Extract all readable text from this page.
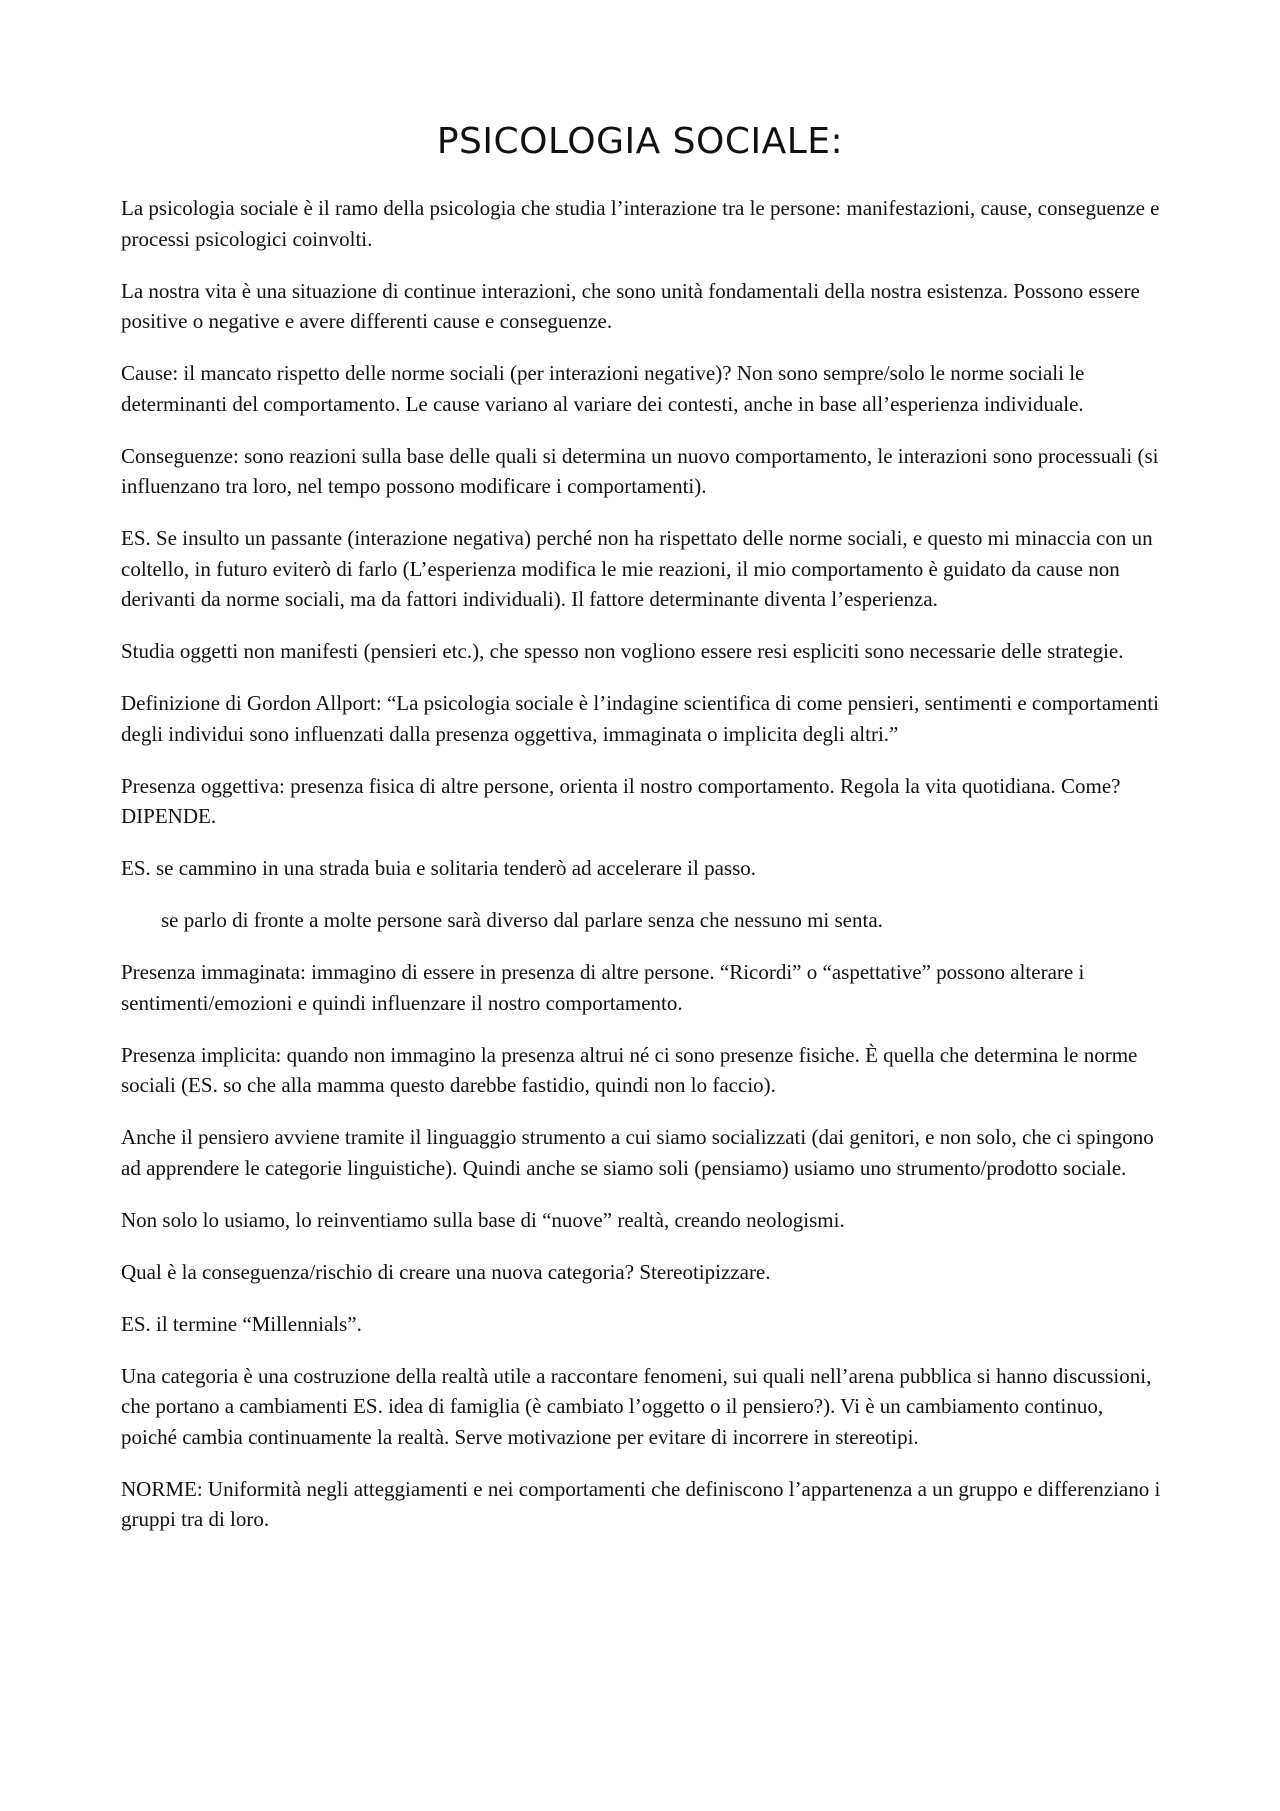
PSICOLOGIA SOCIALE:

La psicologia sociale è il ramo della psicologia che studia l’interazione tra le persone: manifestazioni, cause, conseguenze e processi psicologici coinvolti.

La nostra vita è una situazione di continue interazioni, che sono unità fondamentali della nostra esistenza. Possono essere positive o negative e avere differenti cause e conseguenze.

Cause: il mancato rispetto delle norme sociali (per interazioni negative)? Non sono sempre/solo le norme sociali le determinanti del comportamento. Le cause variano al variare dei contesti, anche in base all’esperienza individuale.

Conseguenze: sono reazioni sulla base delle quali si determina un nuovo comportamento, le interazioni sono processuali (si influenzano tra loro, nel tempo possono modificare i comportamenti).

ES. Se insulto un passante (interazione negativa) perché non ha rispettato delle norme sociali, e questo mi minaccia con un coltello, in futuro eviterò di farlo (L’esperienza modifica le mie reazioni, il mio comportamento è guidato da cause non derivanti da norme sociali, ma da fattori individuali). Il fattore determinante diventa l’esperienza.

Studia oggetti non manifesti (pensieri etc.), che spesso non vogliono essere resi espliciti sono necessarie delle strategie.

Definizione di Gordon Allport: “La psicologia sociale è l’indagine scientifica di come pensieri, sentimenti e comportamenti degli individui sono influenzati dalla presenza oggettiva, immaginata o implicita degli altri.”

Presenza oggettiva: presenza fisica di altre persone, orienta il nostro comportamento. Regola la vita quotidiana. Come? DIPENDE.

ES. se cammino in una strada buia e solitaria tenderò ad accelerare il passo.

se parlo di fronte a molte persone sarà diverso dal parlare senza che nessuno mi senta.

Presenza immaginata: immagino di essere in presenza di altre persone. “Ricordi” o “aspettative” possono alterare i sentimenti/emozioni e quindi influenzare il nostro comportamento.

Presenza implicita: quando non immagino la presenza altrui né ci sono presenze fisiche. È quella che determina le norme sociali (ES. so che alla mamma questo darebbe fastidio, quindi non lo faccio).

Anche il pensiero avviene tramite il linguaggio strumento a cui siamo socializzati (dai genitori, e non solo, che ci spingono ad apprendere le categorie linguistiche). Quindi anche se siamo soli (pensiamo) usiamo uno strumento/prodotto sociale.

Non solo lo usiamo, lo reinventiamo sulla base di “nuove” realtà, creando neologismi.

Qual è la conseguenza/rischio di creare una nuova categoria? Stereotipizzare.

ES. il termine “Millennials”.

Una categoria è una costruzione della realtà utile a raccontare fenomeni, sui quali nell’arena pubblica si hanno discussioni, che portano a cambiamenti ES. idea di famiglia (è cambiato l’oggetto o il pensiero?). Vi è un cambiamento continuo, poiché cambia continuamente la realtà. Serve motivazione per evitare di incorrere in stereotipi.

NORME: Uniformità negli atteggiamenti e nei comportamenti che definiscono l’appartenenza a un gruppo e differenziano i gruppi tra di loro.
